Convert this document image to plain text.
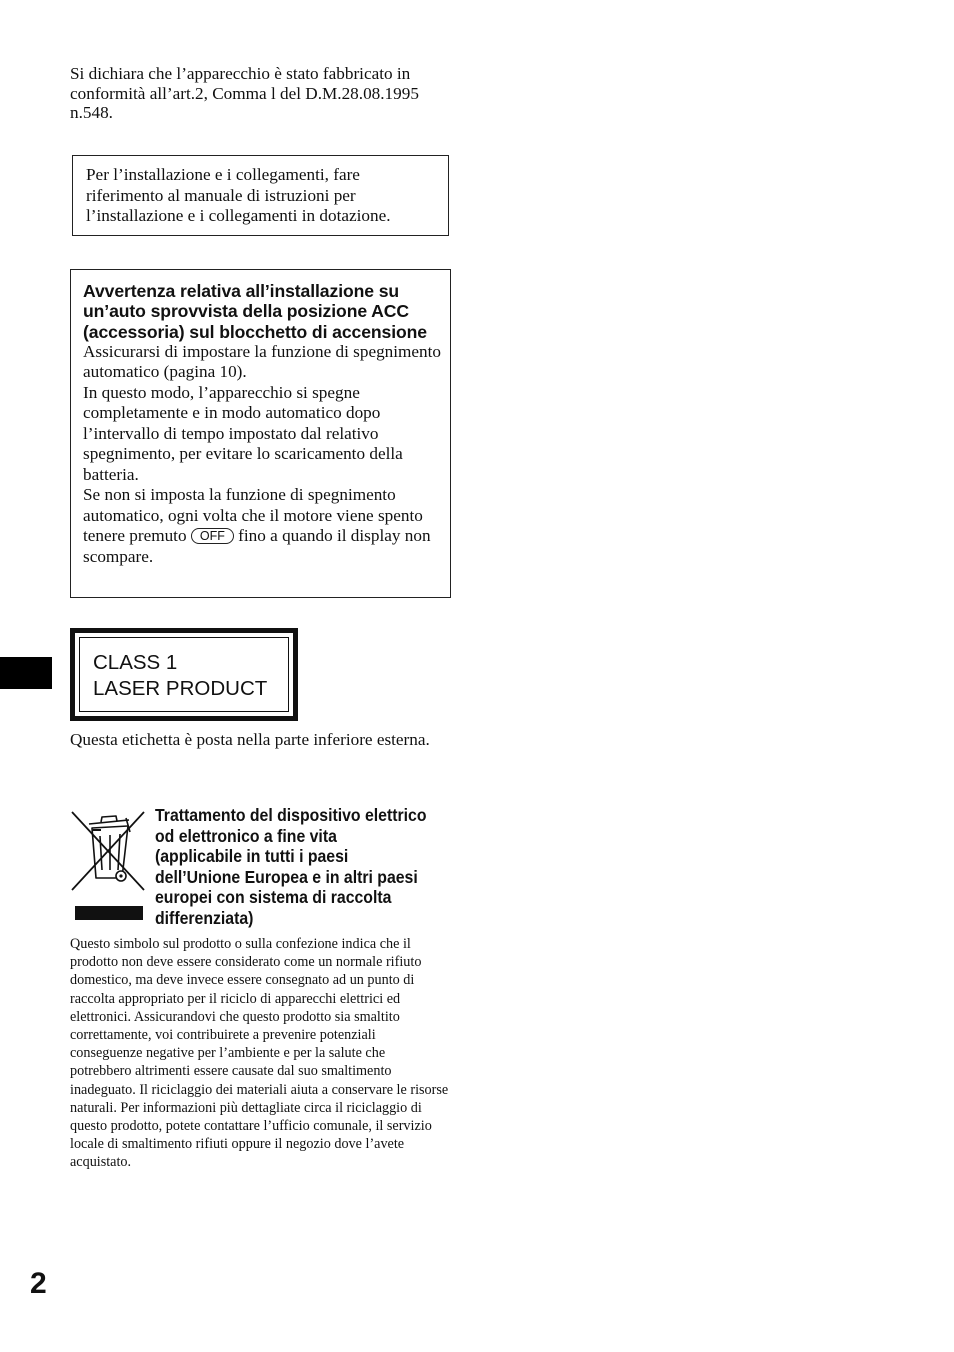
Si dichiara che l’apparecchio è stato fabbricato in conformità all’art.2, Comma l del D.M.28.08.1995 n.548.

Per l’installazione e i collegamenti, fare riferimento al manuale di istruzioni per l’installazione e i collegamenti in dotazione.

Avvertenza relativa all’installazione su un’auto sprovvista della posizione ACC (accessoria) sul blocchetto di accensione

Assicurarsi di impostare la funzione di spegnimento automatico (pagina 10).

In questo modo, l’apparecchio si spegne completamente e in modo automatico dopo l’intervallo di tempo impostato dal relativo spegnimento, per evitare lo scaricamento della batteria.

Se non si imposta la funzione di spegnimento automatico, ogni volta che il motore viene spento tenere premuto OFF fino a quando il display non scompare.

CLASS 1
LASER PRODUCT

Questa etichetta è posta nella parte inferiore esterna.

Trattamento del dispositivo elettrico od elettronico a fine vita (applicabile in tutti i paesi dell’Unione Europea e in altri paesi europei con sistema di raccolta differenziata)

Questo simbolo sul prodotto o sulla confezione indica che il prodotto non deve essere considerato come un normale rifiuto domestico, ma deve invece essere consegnato ad un punto di raccolta appropriato per il riciclo di apparecchi elettrici ed elettronici. Assicurandovi che questo prodotto sia smaltito correttamente, voi contribuirete a prevenire potenziali conseguenze negative per l’ambiente e per la salute che potrebbero altrimenti essere causate dal suo smaltimento inadeguato. Il riciclaggio dei materiali aiuta a conservare le risorse naturali. Per informazioni più dettagliate circa il riciclaggio di questo prodotto, potete contattare l’ufficio comunale, il servizio locale di smaltimento rifiuti oppure il negozio dove l’avete acquistato.

2
